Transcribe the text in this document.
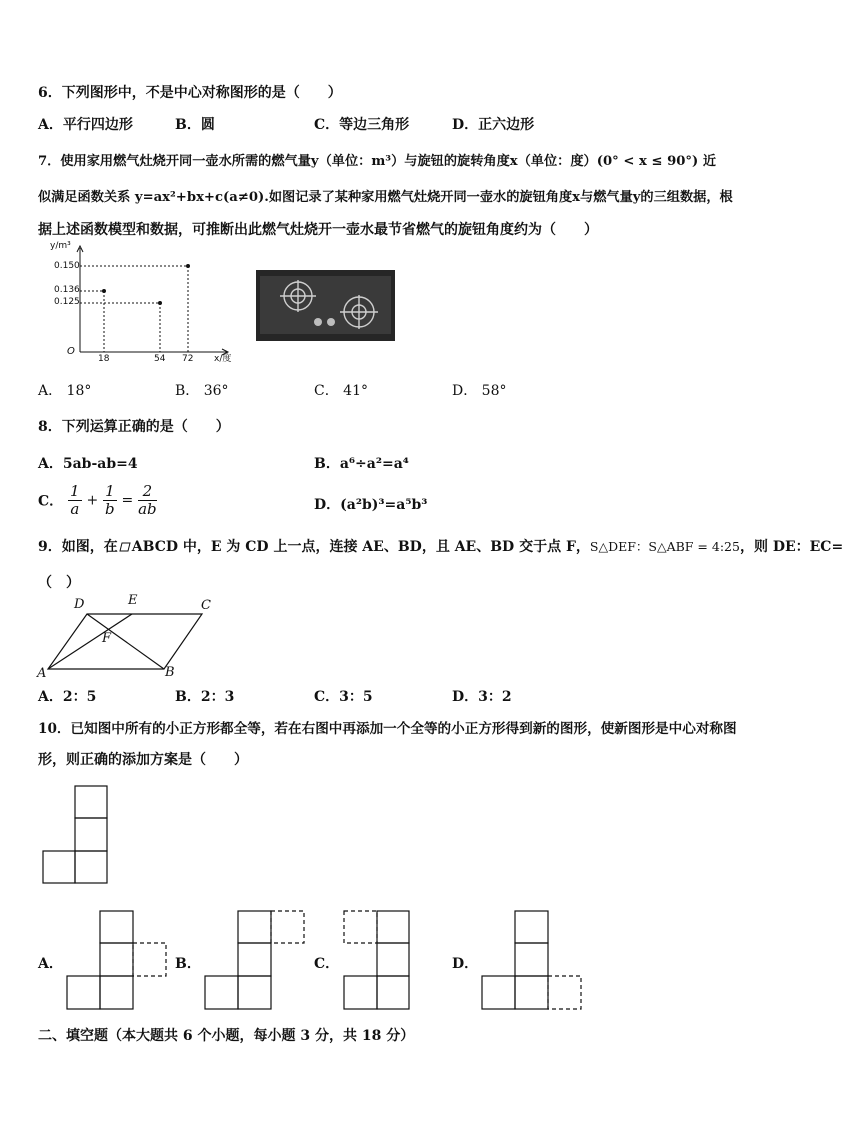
6．下列图形中，不是中心对称图形的是（　　）
A．平行四边形	B．圆	C．等边三角形	D．正六边形
7．使用家用燃气灶烧开同一壶水所需的燃气量y（单位：m³）与旋钮的旋转角度x（单位：度）(0° < x ≤ 90°) 近
似满足函数关系 y=ax²+bx+c(a≠0).如图记录了某种家用燃气灶烧开同一壶水的旋钮角度x与燃气量y的三组数据，根
据上述函数模型和数据，可推断出此燃气灶烧开一壶水最节省燃气的旋钮角度约为（　　）
y/m³
x/度
O
0.150
0.136
0.125
18	54 72
A． 18°	B． 36°	C． 41°	D． 58°
8．下列运算正确的是（　　）
A．5ab-ab=4	B．a⁶÷a²=a⁴
C． $\frac{1}{a} + \frac{1}{b} = \frac{2}{ab}$	D．(a²b)³=a⁵b³
9．如图，在 ABCD 中，E 为 CD 上一点，连接 AE、BD，且 AE、BD 交于点 F，S△DEF：S△ABF = 4:25，则 DE：EC=
（　）
D	E	C
F
A	B
A．2：5	B．2：3	C．3：5	D．3：2
10．已知图中所有的小正方形都全等，若在右图中再添加一个全等的小正方形得到新的图形，使新图形是中心对称图
形，则正确的添加方案是（　　）
A．	B．	C．	D．
二、填空题（本大题共 6 个小题，每小题 3 分，共 18 分）
